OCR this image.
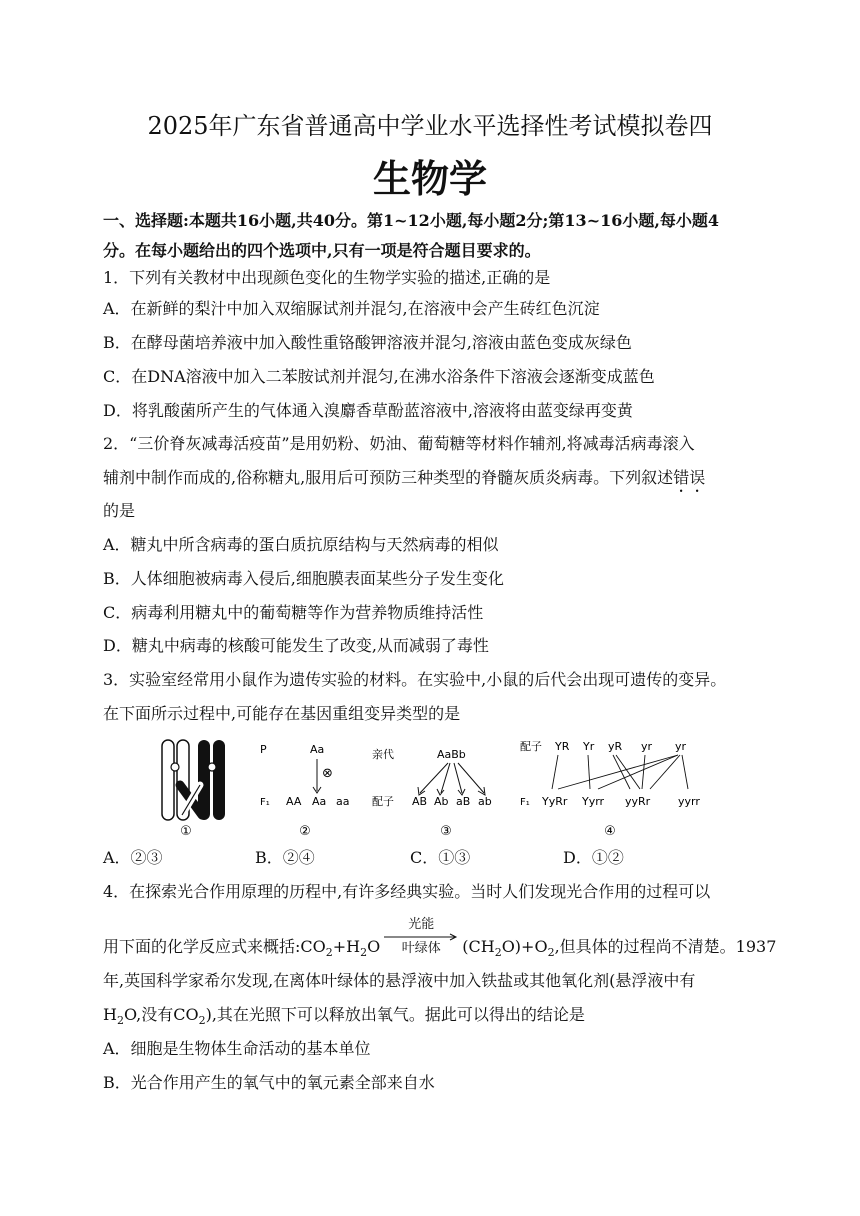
2025年广东省普通高中学业水平选择性考试模拟卷四
生物学
一、选择题:本题共16小题,共40分。第1~12小题,每小题2分;第13~16小题,每小题4
分。在每小题给出的四个选项中,只有一项是符合题目要求的。
1．下列有关教材中出现颜色变化的生物学实验的描述,正确的是
A．在新鲜的梨汁中加入双缩脲试剂并混匀,在溶液中会产生砖红色沉淀
B．在酵母菌培养液中加入酸性重铬酸钾溶液并混匀,溶液由蓝色变成灰绿色
C．在DNA溶液中加入二苯胺试剂并混匀,在沸水浴条件下溶液会逐渐变成蓝色
D．将乳酸菌所产生的气体通入溴麝香草酚蓝溶液中,溶液将由蓝变绿再变黄
2．“三价脊灰减毒活疫苗”是用奶粉、奶油、葡萄糖等材料作辅剂,将减毒活病毒滚入
辅剂中制作而成的,俗称糖丸,服用后可预防三种类型的脊髓灰质炎病毒。下列叙述错误
的是
A．糖丸中所含病毒的蛋白质抗原结构与天然病毒的相似
B．人体细胞被病毒入侵后,细胞膜表面某些分子发生变化
C．病毒利用糖丸中的葡萄糖等作为营养物质维持活性
D．糖丸中病毒的核酸可能发生了改变,从而减弱了毒性
3．实验室经常用小鼠作为遗传实验的材料。在实验中,小鼠的后代会出现可遗传的变异。
在下面所示过程中,可能存在基因重组变异类型的是
①
P	Aa
⊗
F₁ AA Aa aa
②
亲代	AaBb
配子 AB Ab aB ab
③
配子 YR Yr yR yr yr
F₁ YyRr Yyrr yyRr	yyrr
④
A．②③	B．②④	C．①③	D．①②
4．在探索光合作用原理的历程中,有许多经典实验。当时人们发现光合作用的过程可以
用下面的化学反应式来概括$:CO_2+H_2O$
光能
叶绿体	$(CH_2O)+O_2$,但具体的过程尚不清楚。1937
年,英国科学家希尔发现,在离体叶绿体的悬浮液中加入铁盐或其他氧化剂(悬浮液中有
$H_2O$,没有$CO_2$),其在光照下可以释放出氧气。据此可以得出的结论是
A．细胞是生物体生命活动的基本单位
B．光合作用产生的氧气中的氧元素全部来自水
